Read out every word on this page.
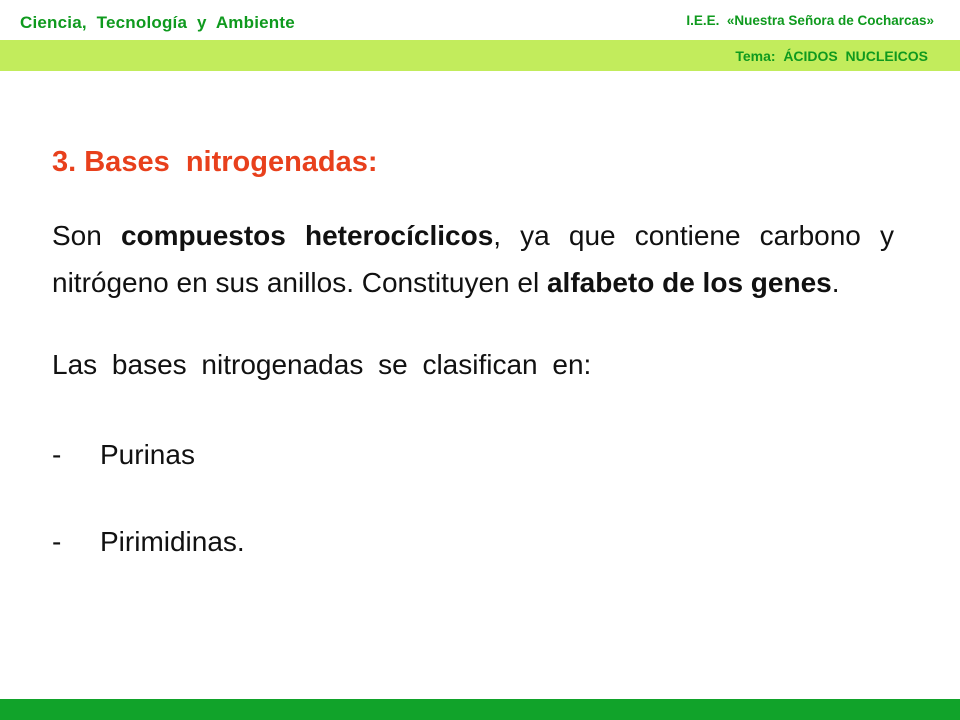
Ciencia,  Tecnología  y  Ambiente	I.E.E.  «Nuestra Señora de Cocharcas»
Tema:  ÁCIDOS  NUCLEICOS
3. Bases  nitrogenadas:

Son compuestos heterocíclicos, ya que contiene carbono y nitrógeno en sus anillos. Constituyen el alfabeto de los genes.

Las bases nitrogenadas se clasifican en:
- Purinas
- Pirimidinas.
